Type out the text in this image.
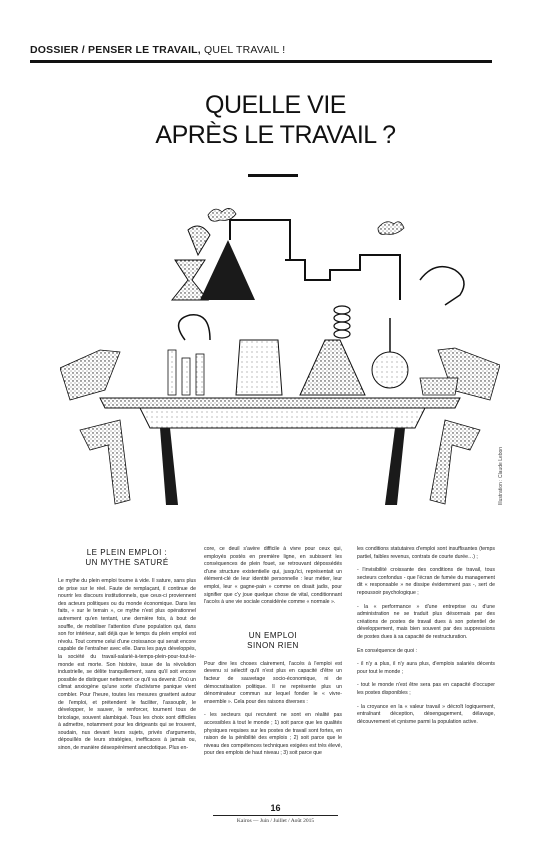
DOSSIER / PENSER LE TRAVAIL, QUEL TRAVAIL !
QUELLE VIE
APRÈS LE TRAVAIL ?
Illustration : Claude Lebon
LE PLEIN EMPLOI :
UN MYTHE SATURÉ

Le mythe du plein emploi tourne à vide. Il sature, sans plus de prise sur le réel. Faute de remplaçant, il continue de nourrir les discours institutionnels, que ceux-ci proviennent des acteurs politiques ou du monde économique. Dans les faits, « sur le terrain », ce mythe n'est plus opérationnel autrement qu'en tentant, une dernière fois, à bout de souffle, de mobiliser l'attention d'une population qui, dans son for intérieur, sait déjà que le temps du plein emploi est révolu. Tout comme celui d'une croissance qui serait encore capable de l'entraîner avec elle. Dans les pays développés, la société du travail-salarié-à-temps-plein-pour-tout-le-monde est morte. Son histoire, issue de la révolution industrielle, se délite tranquillement, sans qu'il soit encore possible de distinguer nettement ce qu'il va devenir. D'où un climat anxiogène qu'une sorte d'activisme panique vient combler. Pour l'heure, toutes les mesures gravitent autour de l'emploi, et prétendent le faciliter, l'assouplir, le développer, le sauver, le renforcer, tournent tous de bricolage, souvent alambiqué. Tous les choix sont difficiles à admettre, notamment pour les dirigeants qui se trouvent, soudain, nus devant leurs sujets, privés d'arguments, dépouillés de leurs stratégies, inefficaces à jamais ou, sinon, de manière désespérément anecdotique. Plus en-

core, ce deuil s'avère difficile à vivre pour ceux qui, employés postés en première ligne, en subissent les conséquences de plein fouet, se retrouvant dépossédés d'une structure existentielle qui, jusqu'ici, représentait un élément-clé de leur identité personnelle : leur métier, leur emploi, leur « gagne-pain » comme on disait jadis, pour signifier que c'y joue quelque chose de vital, conditionnant l'accès à une vie sociale considérée comme « normale ».

UN EMPLOI
SINON RIEN

Pour dire les choses clairement, l'accès à l'emploi est devenu si sélectif qu'il n'est plus en capacité d'être un facteur de sauvetage socio-économique, ni de démocratisation politique. Il ne représente plus un dénominateur commun sur lequel fonder le « vivre-ensemble ». Cela pour des raisons diverses :

- les secteurs qui recrutent ne sont en réalité pas accessibles à tout le monde ; 1) soit parce que les qualités physiques requises sur les postes de travail sont fortes, en raison de la pénibilité des emplois ; 2) soit parce que le niveau des compétences techniques exigées est très élevé, pour des emplois de haut niveau ; 3) soit parce que

les conditions statutaires d'emploi sont insuffisantes (temps partiel, faibles revenus, contrats de courte durée…) ;

- l'invisibilité croissante des conditions de travail, tous secteurs confondus - que l'écran de fumée du management dit « responsable » ne dissipe évidemment pas -, sert de repoussoir psychologique ;

- la « performance » d'une entreprise ou d'une administration ne se traduit plus désormais par des créations de postes de travail dues à son potentiel de développement, mais bien souvent par des suppressions de postes dues à sa capacité de restructuration.

En conséquence de quoi :

- il n'y a plus, il n'y aura plus, d'emplois salariés décents pour tout le monde ;

- tout le monde n'est être sera pas en capacité d'occuper les postes disponibles ;

- la croyance en la « valeur travail » décroît logiquement, entraînant déception, désengagement, délavage, découvrement et cynisme parmi la population active.

16
Kairos — Juin / Juillet / Août 2015
